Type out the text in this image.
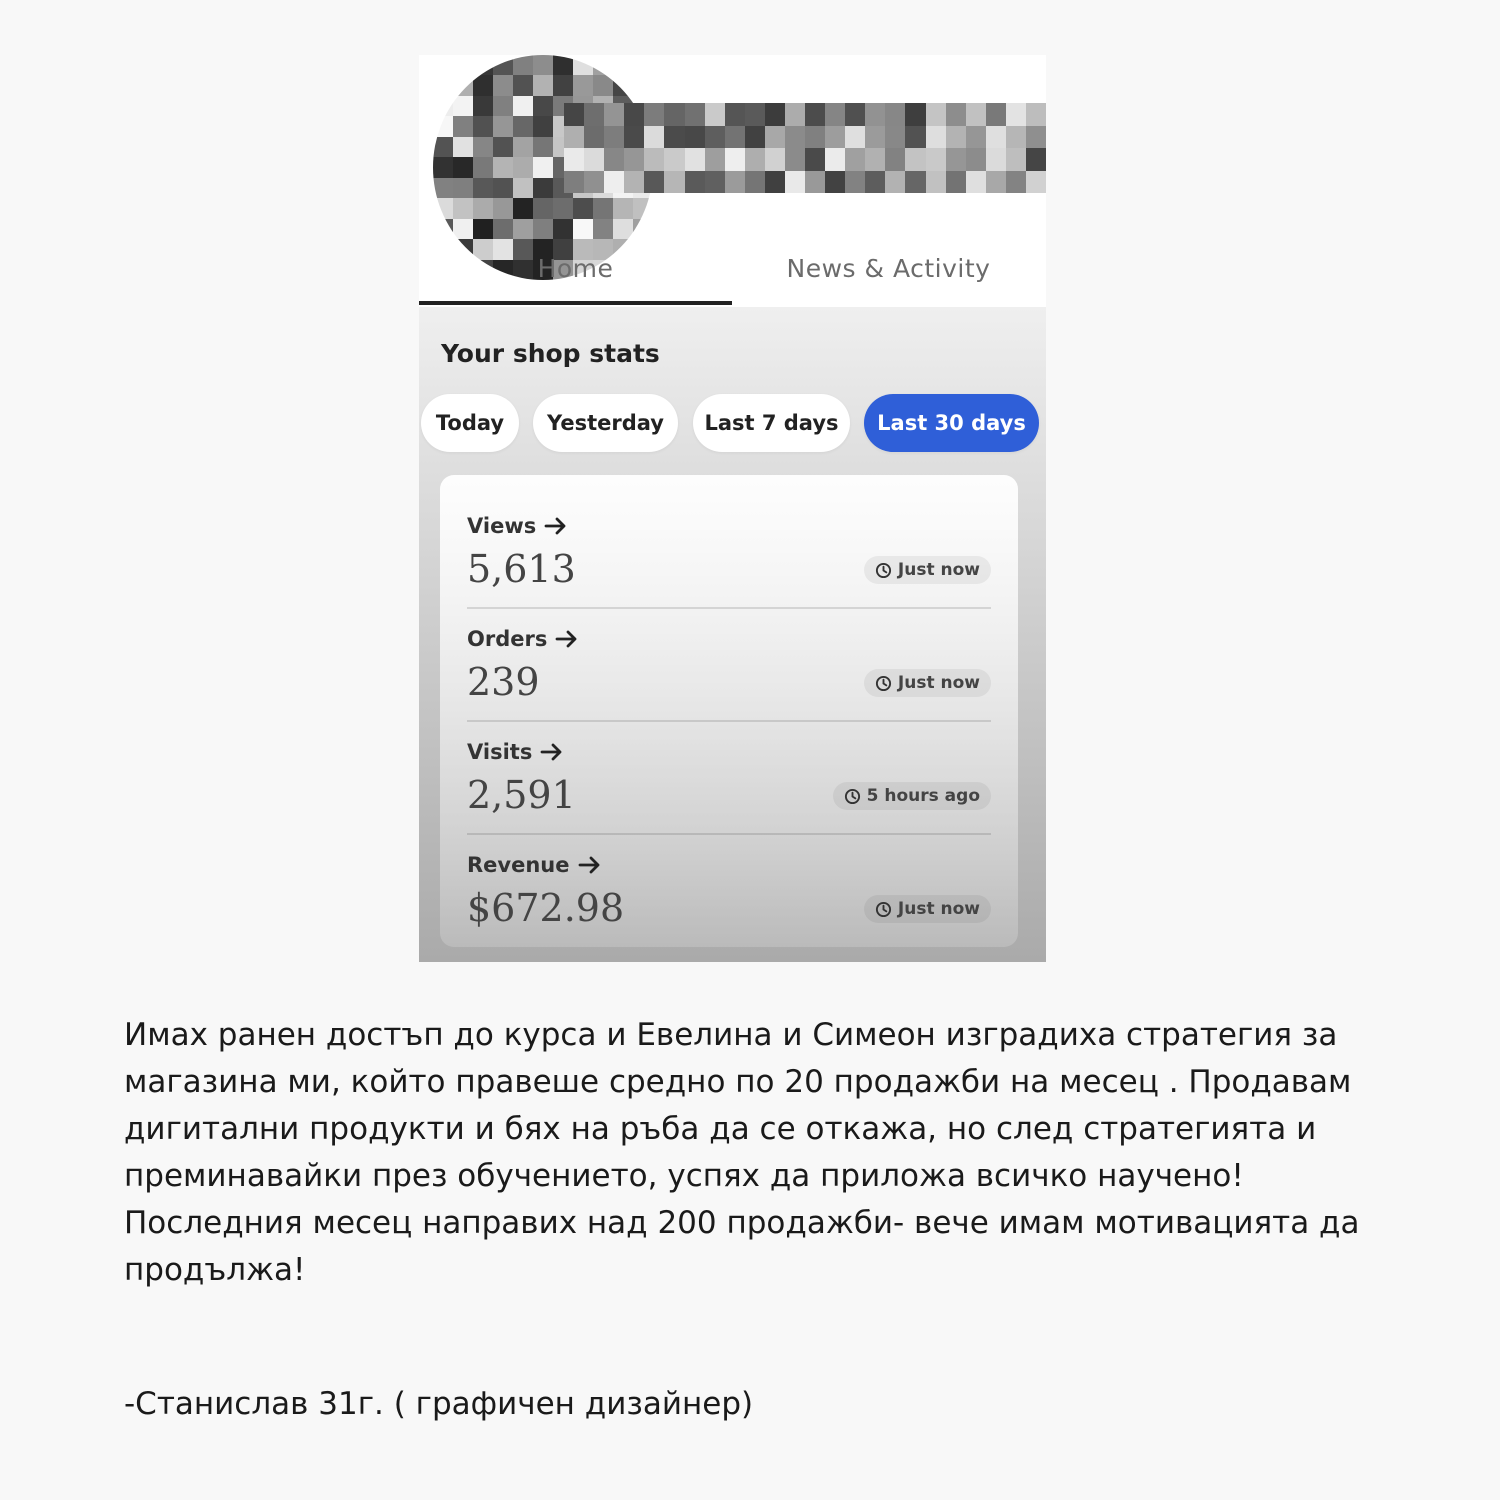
Home	News & Activity
Your shop stats
Today	Yesterday	Last 7 days	Last 30 days
Views
5,613	Just now
Orders
239	Just now
Visits
2,591	5 hours ago
Revenue
$672.98	Just now
Имах ранен достъп до курса и Евелина и Симеон изградиха стратегия за
магазина ми, който правеше средно по 20 продажби на месец . Продавам
дигитални продукти и бях на ръба да се откажа, но след стратегията и
преминавайки през обучението, успях да приложа всичко научено!
Последния месец направих над 200 продажби- вече имам мотивацията да
продължа!
-Станислав 31г. ( графичен дизайнер)
